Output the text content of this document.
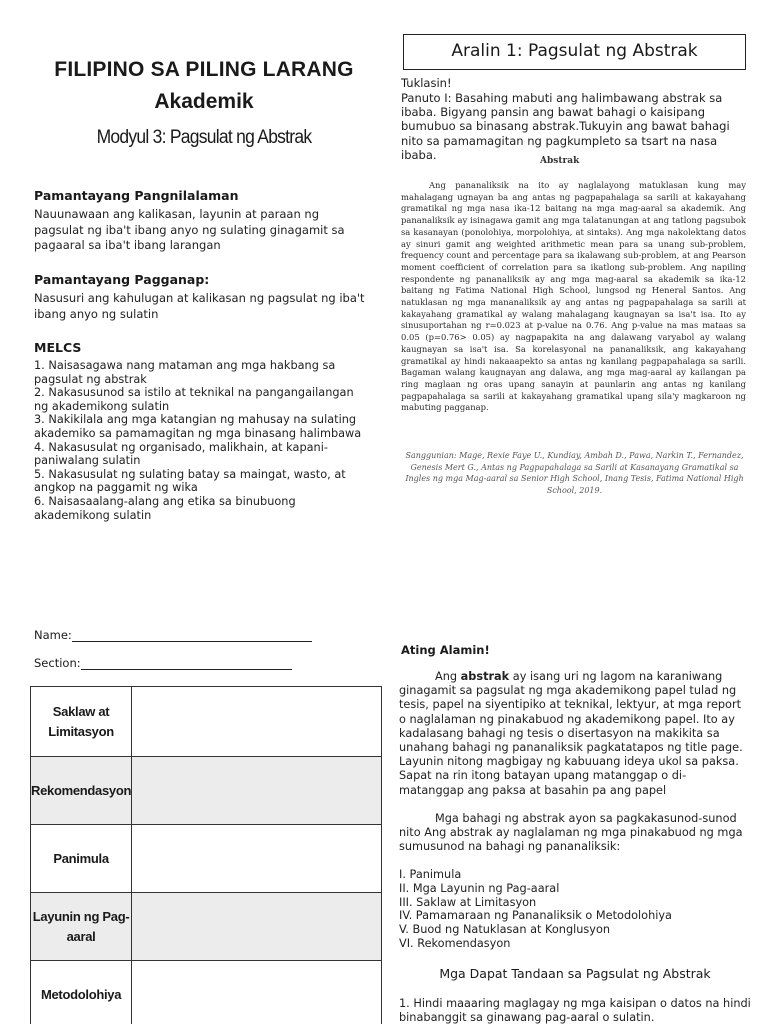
FILIPINO SA PILING LARANG
Akademik
Modyul 3: Pagsulat ng Abstrak
Pamantayang Pangnilalaman
Nauunawaan ang kalikasan, layunin at paraan ng pagsulat ng iba't ibang anyo ng sulating ginagamit sa pagaaral sa iba't ibang larangan
Pamantayang Pagganap:
Nasusuri ang kahulugan at kalikasan ng pagsulat ng iba't ibang anyo ng sulatin
MELCS
1. Naisasagawa nang mataman ang mga hakbang sa pagsulat ng abstrak
2. Nakasusunod sa istilo at teknikal na pangangailangan ng akademikong sulatin
3. Nakikilala ang mga katangian ng mahusay na sulating akademiko sa pamamagitan ng mga binasang halimbawa
4. Nakasusulat ng organisado, malikhain, at kapani-paniwalang sulatin
5. Nakasusulat ng sulating batay sa maingat, wasto, at angkop na paggamit ng wika
6. Naisasaalang-alang ang etika sa binubuong akademikong sulatin
Aralin 1: Pagsulat ng Abstrak
Tuklasin!
Panuto I: Basahing mabuti ang halimbawang abstrak sa ibaba. Bigyang pansin ang bawat bahagi o kaisipang bumubuo sa binasang abstrak.Tukuyin ang bawat bahagi nito sa pamamagitan ng pagkumpleto sa tsart na nasa ibaba.	Abstrak
Ang pananaliksik na ito ay naglalayong matuklasan kung may mahalagang ugnayan ba ang antas ng pagpapahalaga sa sarili at kakayahang gramatikal ng mga nasa ika-12 baitang na mga mag-aaral sa akademik. Ang pananaliksik ay isinagawa gamit ang mga talatanungan at ang tatlong pagsubok sa kasanayan (ponolohiya, morpolohiya, at sintaks). Ang mga nakolektang datos ay sinuri gamit ang weighted arithmetic mean para sa unang sub-problem, frequency count and percentage para sa ikalawang sub-problem, at ang Pearson moment coefficient of correlation para sa ikatlong sub-problem. Ang napiling respondente ng pananaliksik ay ang mga mag-aaral sa akademik sa ika-12 baitang ng Fatima National High School, lungsod ng Heneral Santos. Ang natuklasan ng mga mananaliksik ay ang antas ng pagpapahalaga sa sarili at kakayahang gramatikal ay walang mahalagang kaugnayan sa isa't isa. Ito ay sinusuportahan ng r=0.023 at p-value na 0.76. Ang p-value na mas mataas sa 0.05 (p=0.76> 0.05) ay nagpapakita na ang dalawang varyabol ay walang kaugnayan sa isa't isa. Sa korelasyonal na pananaliksik, ang kakayahang gramatikal ay hindi nakaaapekto sa antas ng kanilang pagpapahalaga sa sarili. Bagaman walang kaugnayan ang dalawa, ang mga mag-aaral ay kailangan pa ring maglaan ng oras upang sanayin at paunlarin ang antas ng kanilang pagpapahalaga sa sarili at kakayahang gramatikal upang sila'y magkaroon ng mabuting pagganap.
Sanggunian: Mage, Rexie Faye U., Kundiay, Ambah D., Pawa, Narkin T., Fernandez, Genesis Mert G., Antas ng Pagpapahalaga sa Sarili at Kasanayang Gramatikal sa Ingles ng mga Mag-aaral sa Senior High School, Inang Tesis, Fatima National High School, 2019.
Name:
Section:
Saklaw at Limitasyon	
Rekomendasyon	
Panimula	
Layunin ng Pag-aaral	
Metodolohiya	
Ating Alamin!
Ang abstrak ay isang uri ng lagom na karaniwang ginagamit sa pagsulat ng mga akademikong papel tulad ng tesis, papel na siyentipiko at teknikal, lektyur, at mga report o naglalaman ng pinakabuod ng akademikong papel. Ito ay kadalasang bahagi ng tesis o disertasyon na makikita sa unahang bahagi ng pananaliksik pagkatatapos ng title page. Layunin nitong magbigay ng kabuuang ideya ukol sa paksa. Sapat na rin itong batayan upang matanggap o di-matanggap ang paksa at basahin pa ang papel
Mga bahagi ng abstrak ayon sa pagkakasunod-sunod nito Ang abstrak ay naglalaman ng mga pinakabuod ng mga sumusunod na bahagi ng pananaliksik:
I. Panimula
II. Mga Layunin ng Pag-aaral
III. Saklaw at Limitasyon
IV. Pamamaraan ng Pananaliksik o Metodolohiya
V. Buod ng Natuklasan at Konglusyon
VI. Rekomendasyon
Mga Dapat Tandaan sa Pagsulat ng Abstrak
1. Hindi maaaring maglagay ng mga kaisipan o datos na hindi binabanggit sa ginawang pag-aaral o sulatin.
